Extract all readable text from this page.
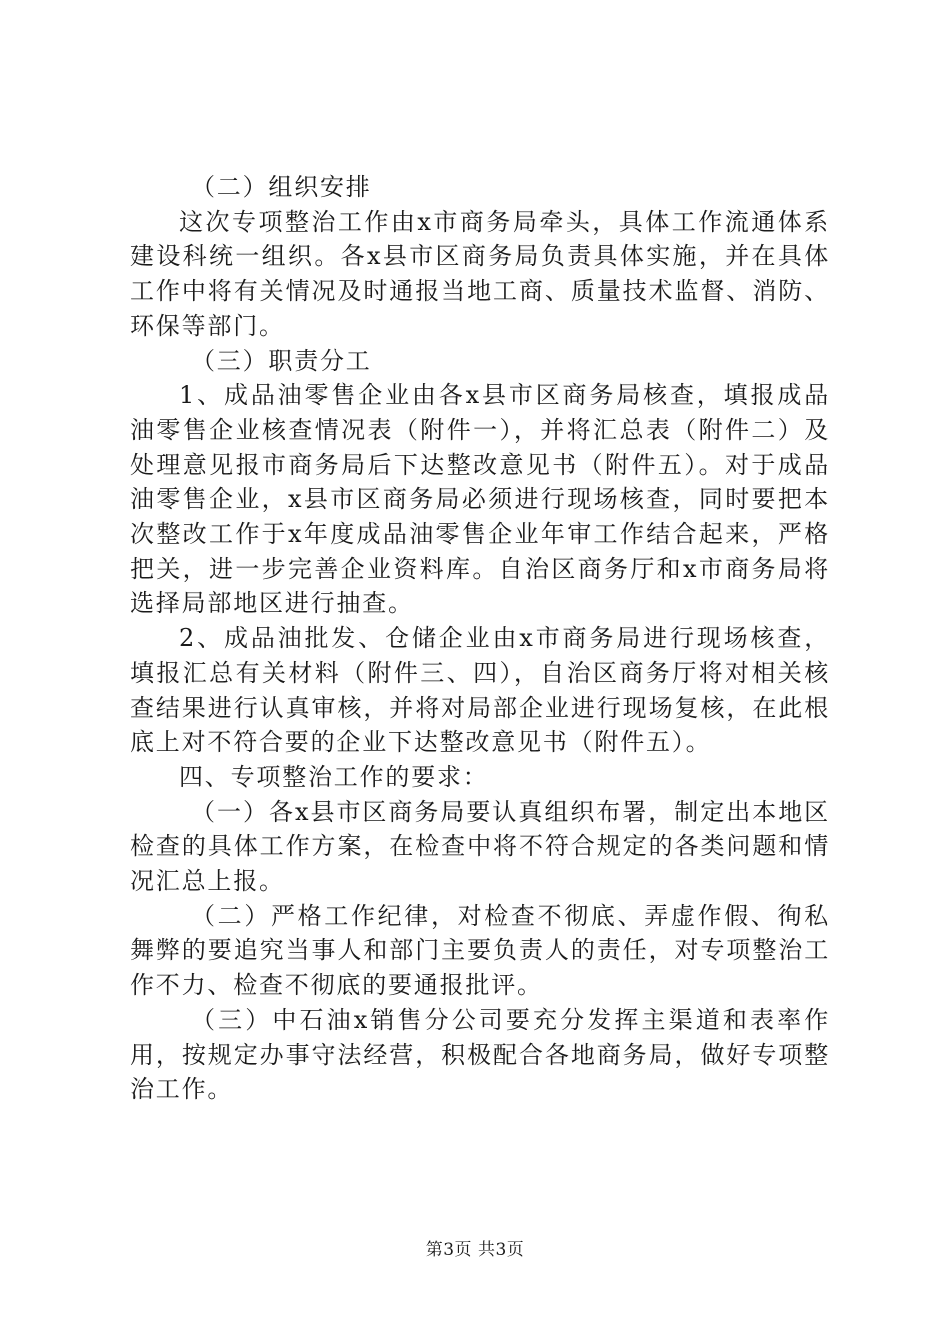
（二）组织安排

这次专项整治工作由x市商务局牵头，具体工作流通体系建设科统一组织。各x县市区商务局负责具体实施，并在具体工作中将有关情况及时通报当地工商、质量技术监督、消防、环保等部门。

（三）职责分工

1、成品油零售企业由各x县市区商务局核查，填报成品油零售企业核查情况表（附件一），并将汇总表（附件二）及处理意见报市商务局后下达整改意见书（附件五）。对于成品油零售企业，x县市区商务局必须进行现场核查，同时要把本次整改工作于x年度成品油零售企业年审工作结合起来，严格把关，进一步完善企业资料库。自治区商务厅和x市商务局将选择局部地区进行抽查。

2、成品油批发、仓储企业由x市商务局进行现场核查，填报汇总有关材料（附件三、四），自治区商务厅将对相关核查结果进行认真审核，并将对局部企业进行现场复核，在此根底上对不符合要的企业下达整改意见书（附件五）。

四、专项整治工作的要求：

（一）各x县市区商务局要认真组织布署，制定出本地区检查的具体工作方案，在检查中将不符合规定的各类问题和情况汇总上报。

（二）严格工作纪律，对检查不彻底、弄虚作假、徇私舞弊的要追究当事人和部门主要负责人的责任，对专项整治工作不力、检查不彻底的要通报批评。

（三）中石油x销售分公司要充分发挥主渠道和表率作用，按规定办事守法经营，积极配合各地商务局，做好专项整治工作。

第3页 共3页
